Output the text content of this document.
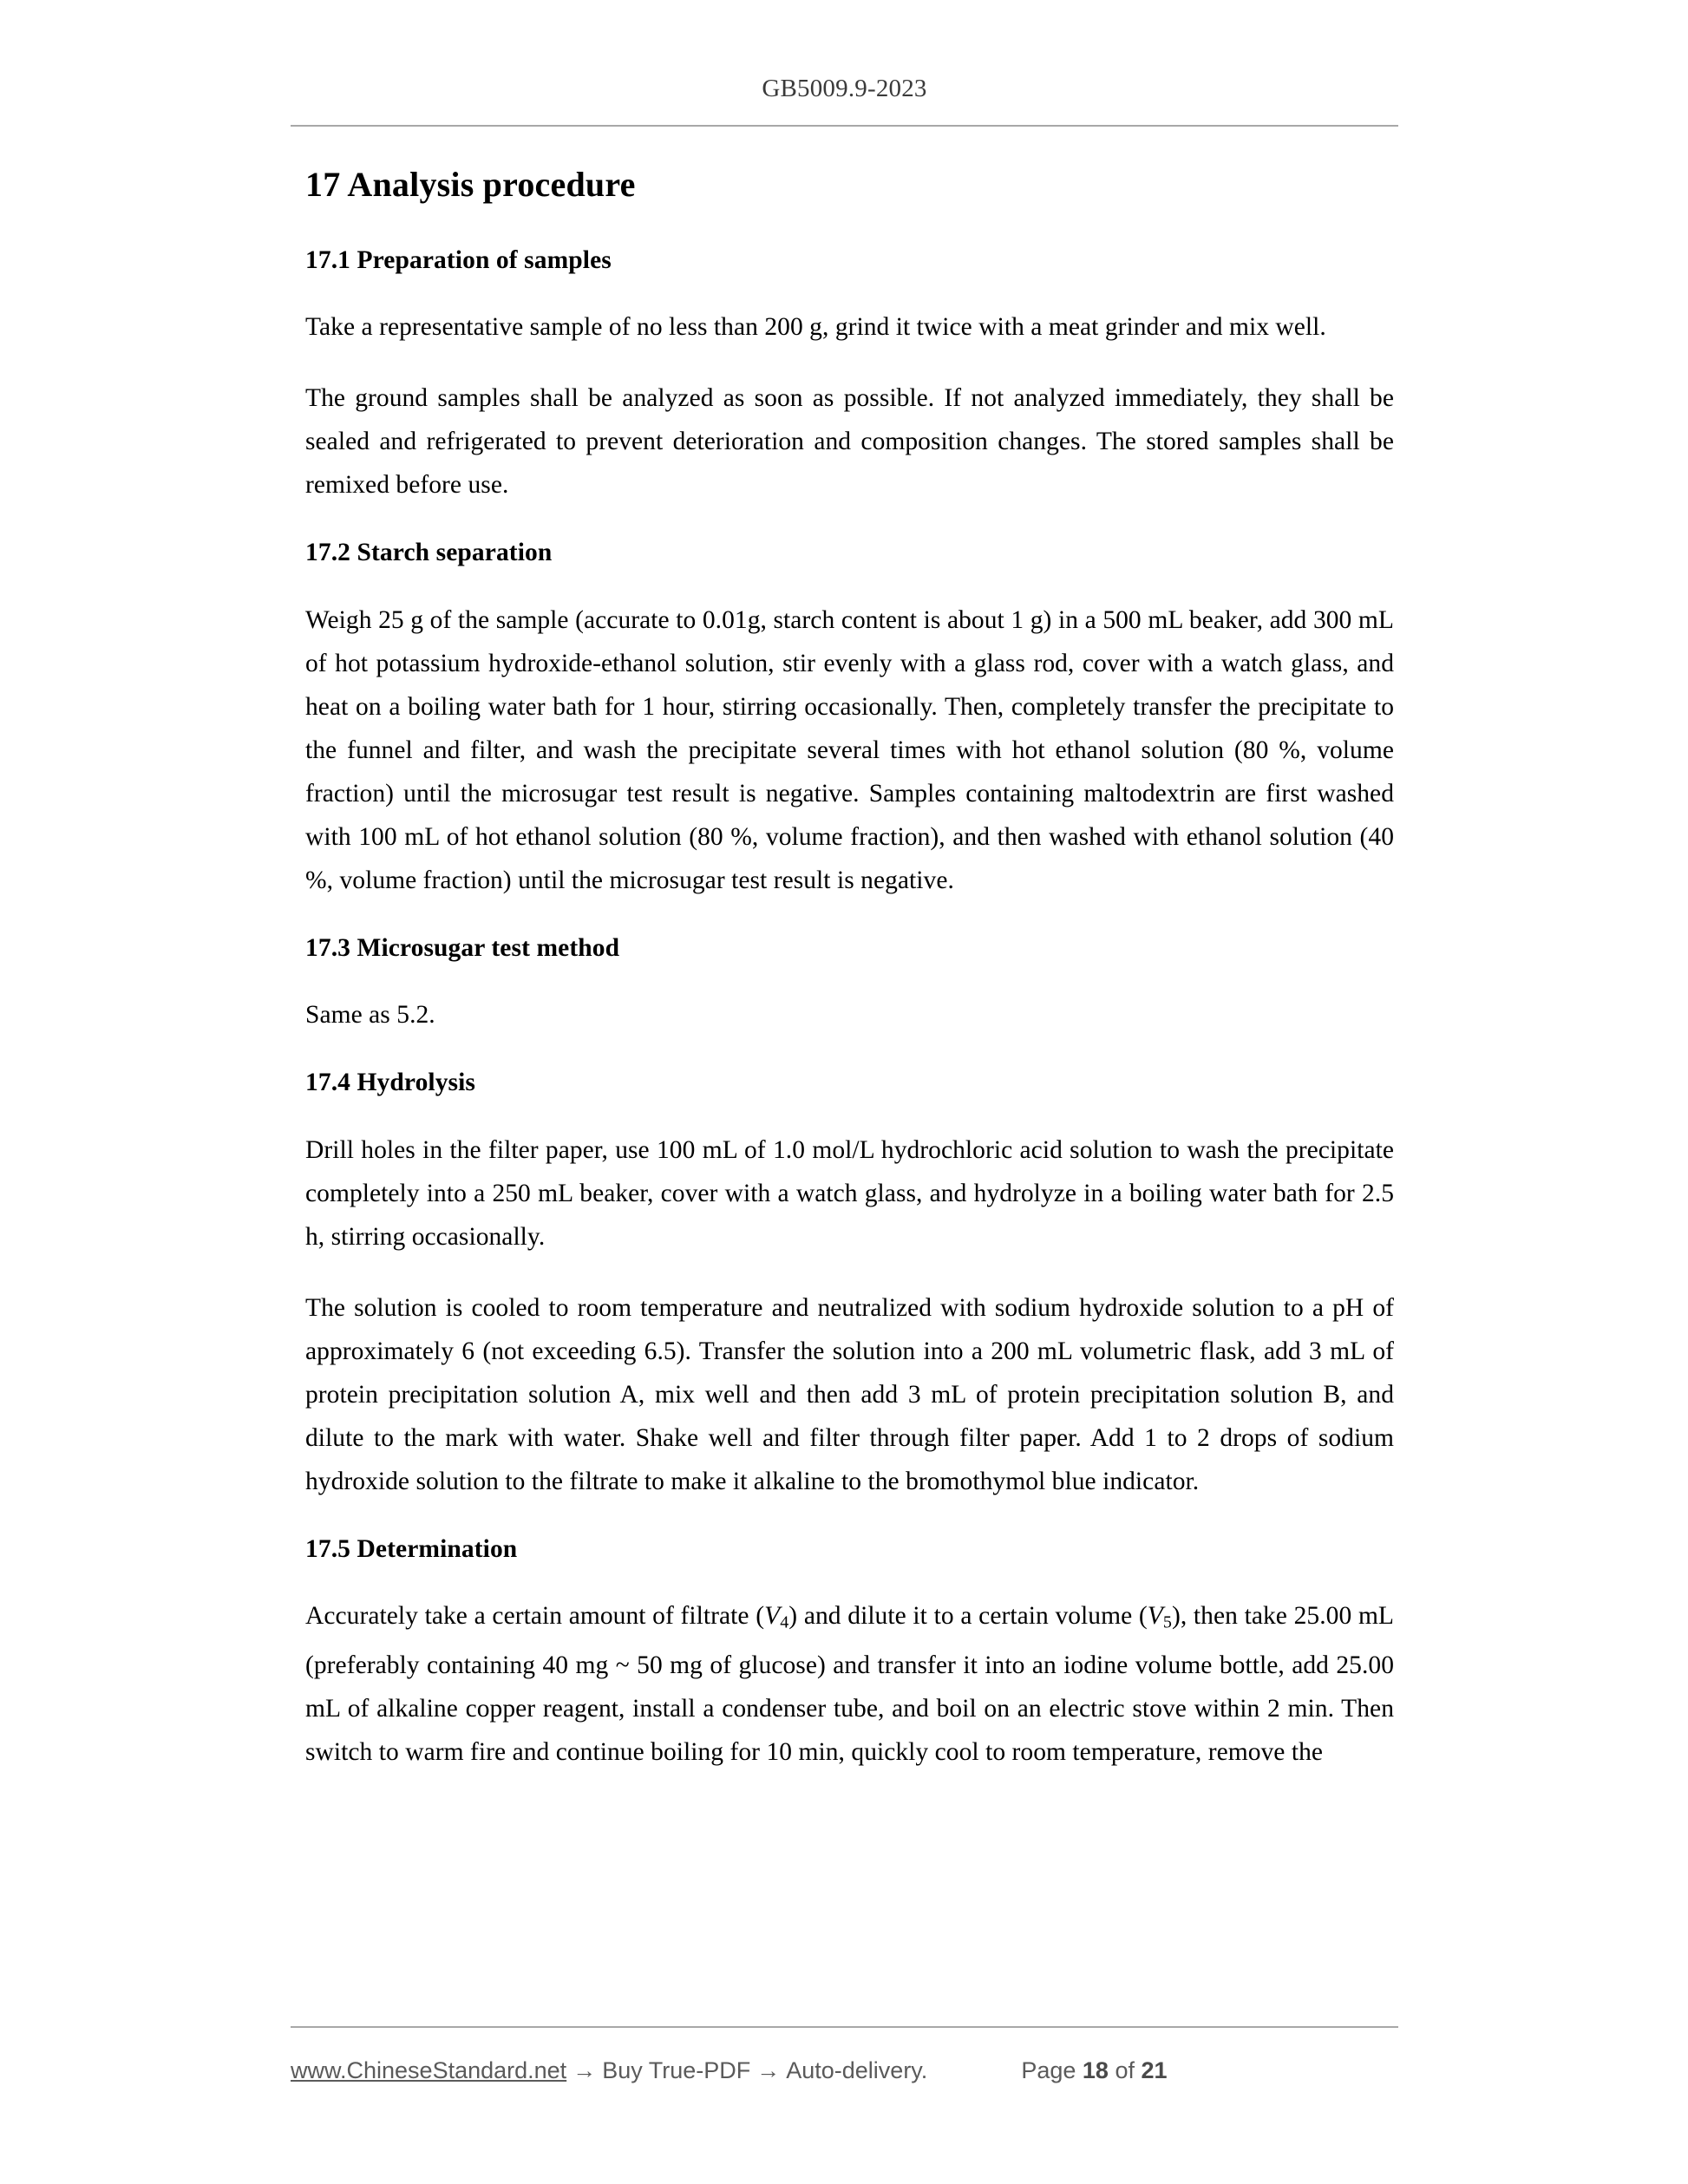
GB5009.9-2023
17 Analysis procedure
17.1 Preparation of samples

Take a representative sample of no less than 200 g, grind it twice with a meat grinder and mix well.

The ground samples shall be analyzed as soon as possible. If not analyzed immediately, they shall be sealed and refrigerated to prevent deterioration and composition changes. The stored samples shall be remixed before use.

17.2 Starch separation

Weigh 25 g of the sample (accurate to 0.01g, starch content is about 1 g) in a 500 mL beaker, add 300 mL of hot potassium hydroxide-ethanol solution, stir evenly with a glass rod, cover with a watch glass, and heat on a boiling water bath for 1 hour, stirring occasionally. Then, completely transfer the precipitate to the funnel and filter, and wash the precipitate several times with hot ethanol solution (80 %, volume fraction) until the microsugar test result is negative. Samples containing maltodextrin are first washed with 100 mL of hot ethanol solution (80 %, volume fraction), and then washed with ethanol solution (40 %, volume fraction) until the microsugar test result is negative.

17.3 Microsugar test method

Same as 5.2.

17.4 Hydrolysis

Drill holes in the filter paper, use 100 mL of 1.0 mol/L hydrochloric acid solution to wash the precipitate completely into a 250 mL beaker, cover with a watch glass, and hydrolyze in a boiling water bath for 2.5 h, stirring occasionally.

The solution is cooled to room temperature and neutralized with sodium hydroxide solution to a pH of approximately 6 (not exceeding 6.5). Transfer the solution into a 200 mL volumetric flask, add 3 mL of protein precipitation solution A, mix well and then add 3 mL of protein precipitation solution B, and dilute to the mark with water. Shake well and filter through filter paper. Add 1 to 2 drops of sodium hydroxide solution to the filtrate to make it alkaline to the bromothymol blue indicator.

17.5 Determination

Accurately take a certain amount of filtrate $(V_4)$ and dilute it to a certain volume $(V_5)$, then take 25.00 mL (preferably containing 40 mg ~ 50 mg of glucose) and transfer it into an iodine volume bottle, add 25.00 mL of alkaline copper reagent, install a condenser tube, and boil on an electric stove within 2 min. Then switch to warm fire and continue boiling for 10 min, quickly cool to room temperature, remove the

www.ChineseStandard.net → Buy True-PDF → Auto-delivery.	Page 18 of 21
